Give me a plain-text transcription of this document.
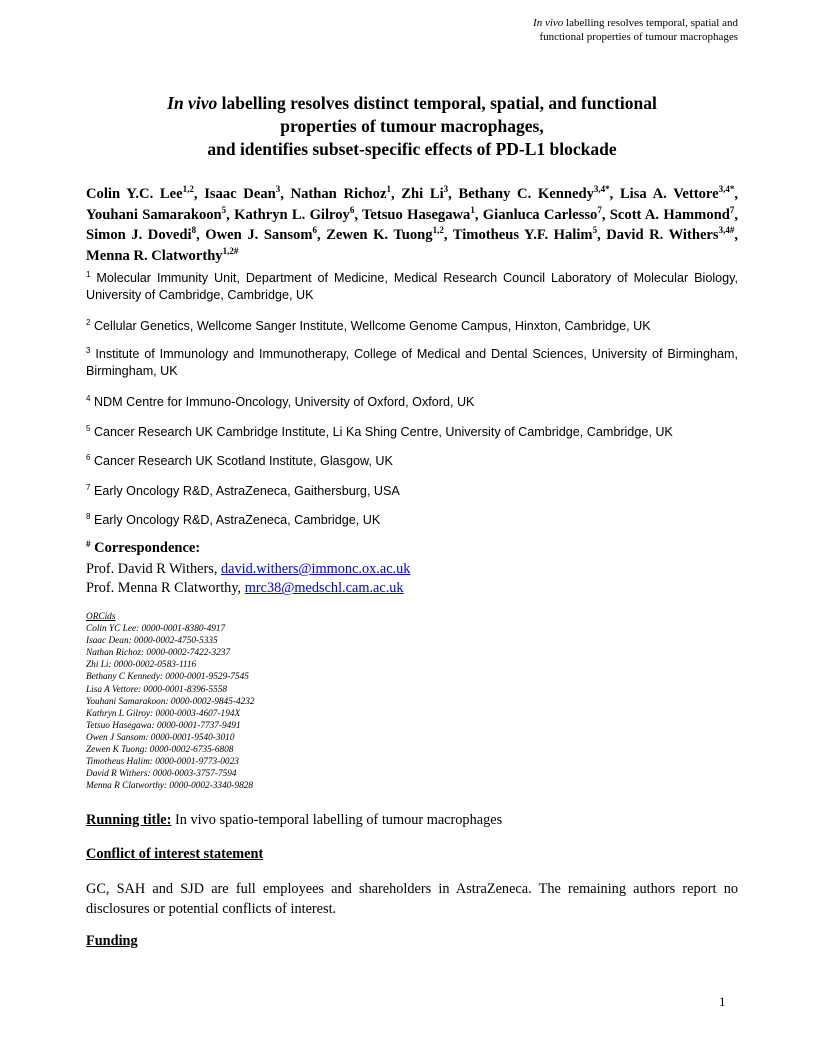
In vivo labelling resolves temporal, spatial and
functional properties of tumour macrophages
In vivo labelling resolves distinct temporal, spatial, and functional
properties of tumour macrophages,
and identifies subset-specific effects of PD-L1 blockade
Colin Y.C. Lee$^{1,2}$, Isaac Dean$^3$, Nathan Richoz$^1$, Zhi Li$^3$, Bethany C. Kennedy$^{3,4*}$, Lisa A. Vettore$^{3,4*}$, Youhani Samarakoon$^5$, Kathryn L. Gilroy$^6$, Tetsuo Hasegawa$^1$, Gianluca Carlesso$^7$, Scott A. Hammond$^7$, Simon J. Dovedi$^8$, Owen J. Sansom$^6$, Zewen K. Tuong$^{1,2}$, Timotheus Y.F. Halim$^5$, David R. Withers$^{3,4\#}$, Menna R. Clatworthy$^{1,2\#}$
$^1$ Molecular Immunity Unit, Department of Medicine, Medical Research Council Laboratory of Molecular Biology, University of Cambridge, Cambridge, UK
$^2$ Cellular Genetics, Wellcome Sanger Institute, Wellcome Genome Campus, Hinxton, Cambridge, UK
$^3$ Institute of Immunology and Immunotherapy, College of Medical and Dental Sciences, University of Birmingham, Birmingham, UK
$^4$ NDM Centre for Immuno-Oncology, University of Oxford, Oxford, UK
$^5$ Cancer Research UK Cambridge Institute, Li Ka Shing Centre, University of Cambridge, Cambridge, UK
$^6$ Cancer Research UK Scotland Institute, Glasgow, UK
$^7$ Early Oncology R&D, AstraZeneca, Gaithersburg, USA
$^8$ Early Oncology R&D, AstraZeneca, Cambridge, UK
# Correspondence:
Prof. David R Withers, david.withers@immonc.ox.ac.uk
Prof. Menna R Clatworthy, mrc38@medschl.cam.ac.uk
ORCids
Colin YC Lee: 0000-0001-8380-4917
Isaac Dean: 0000-0002-4750-5335
Nathan Richoz: 0000-0002-7422-3237
Zhi Li: 0000-0002-0583-1116
Bethany C Kennedy: 0000-0001-9529-7545
Lisa A Vettore: 0000-0001-8396-5558
Youhani Samarakoon: 0000-0002-9845-4232
Kathryn L Gilroy: 0000-0003-4607-194X
Tetsuo Hasegawa: 0000-0001-7737-9491
Owen J Sansom: 0000-0001-9540-3010
Zewen K Tuong: 0000-0002-6735-6808
Timotheus Halim: 0000-0001-9773-0023
David R Withers: 0000-0003-3757-7594
Menna R Clatworthy: 0000-0002-3340-9828
Running title: In vivo spatio-temporal labelling of tumour macrophages
Conflict of interest statement
GC, SAH and SJD are full employees and shareholders in AstraZeneca. The remaining authors report no disclosures or potential conflicts of interest.
Funding
1
